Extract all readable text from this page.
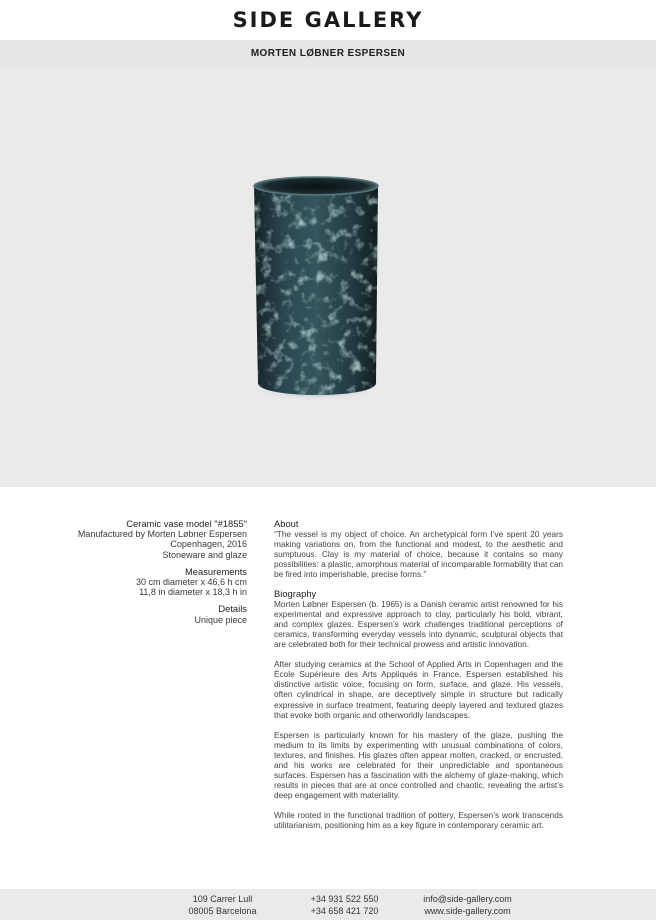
SIDE GALLERY
MORTEN LØBNER ESPERSEN
Ceramic vase model "#1855"
Manufactured by Morten Løbner Espersen
Copenhagen, 2016
Stoneware and glaze
Measurements
30 cm diameter x 46,6 h cm
11,8 in diameter x 18,3 h in
Details
Unique piece
About
“The vessel is my object of choice. An archetypical form I’ve spent 20 years making variations on, from the functional and modest, to the aesthetic and sumptuous. Clay is my material of choice, because it contains so many possibilities: a plastic, amorphous material of incomparable formability that can be fired into imperishable, precise forms.”
Biography

Morten Løbner Espersen (b. 1965) is a Danish ceramic artist renowned for his experimental and expressive approach to clay, particularly his bold, vibrant, and complex glazes. Espersen’s work challenges traditional perceptions of ceramics, transforming everyday vessels into dynamic, sculptural objects that are celebrated both for their technical prowess and artistic innovation.

After studying ceramics at the School of Applied Arts in Copenhagen and the École Supérieure des Arts Appliqués in France, Espersen established his distinctive artistic voice, focusing on form, surface, and glaze. His vessels, often cylindrical in shape, are deceptively simple in structure but radically expressive in surface treatment, featuring deeply layered and textured glazes that evoke both organic and otherworldly landscapes.

Espersen is particularly known for his mastery of the glaze, pushing the medium to its limits by experimenting with unusual combinations of colors, textures, and finishes. His glazes often appear molten, cracked, or encrusted, and his works are celebrated for their unpredictable and spontaneous surfaces. Espersen has a fascination with the alchemy of glaze-making, which results in pieces that are at once controlled and chaotic, revealing the artist’s deep engagement with materiality.

While rooted in the functional tradition of pottery, Espersen’s work transcends utilitarianism, positioning him as a key figure in contemporary ceramic art.

109 Carrer Lull
08005 Barcelona
+34 931 522 550
+34 658 421 720
info@side-gallery.com
www.side-gallery.com
